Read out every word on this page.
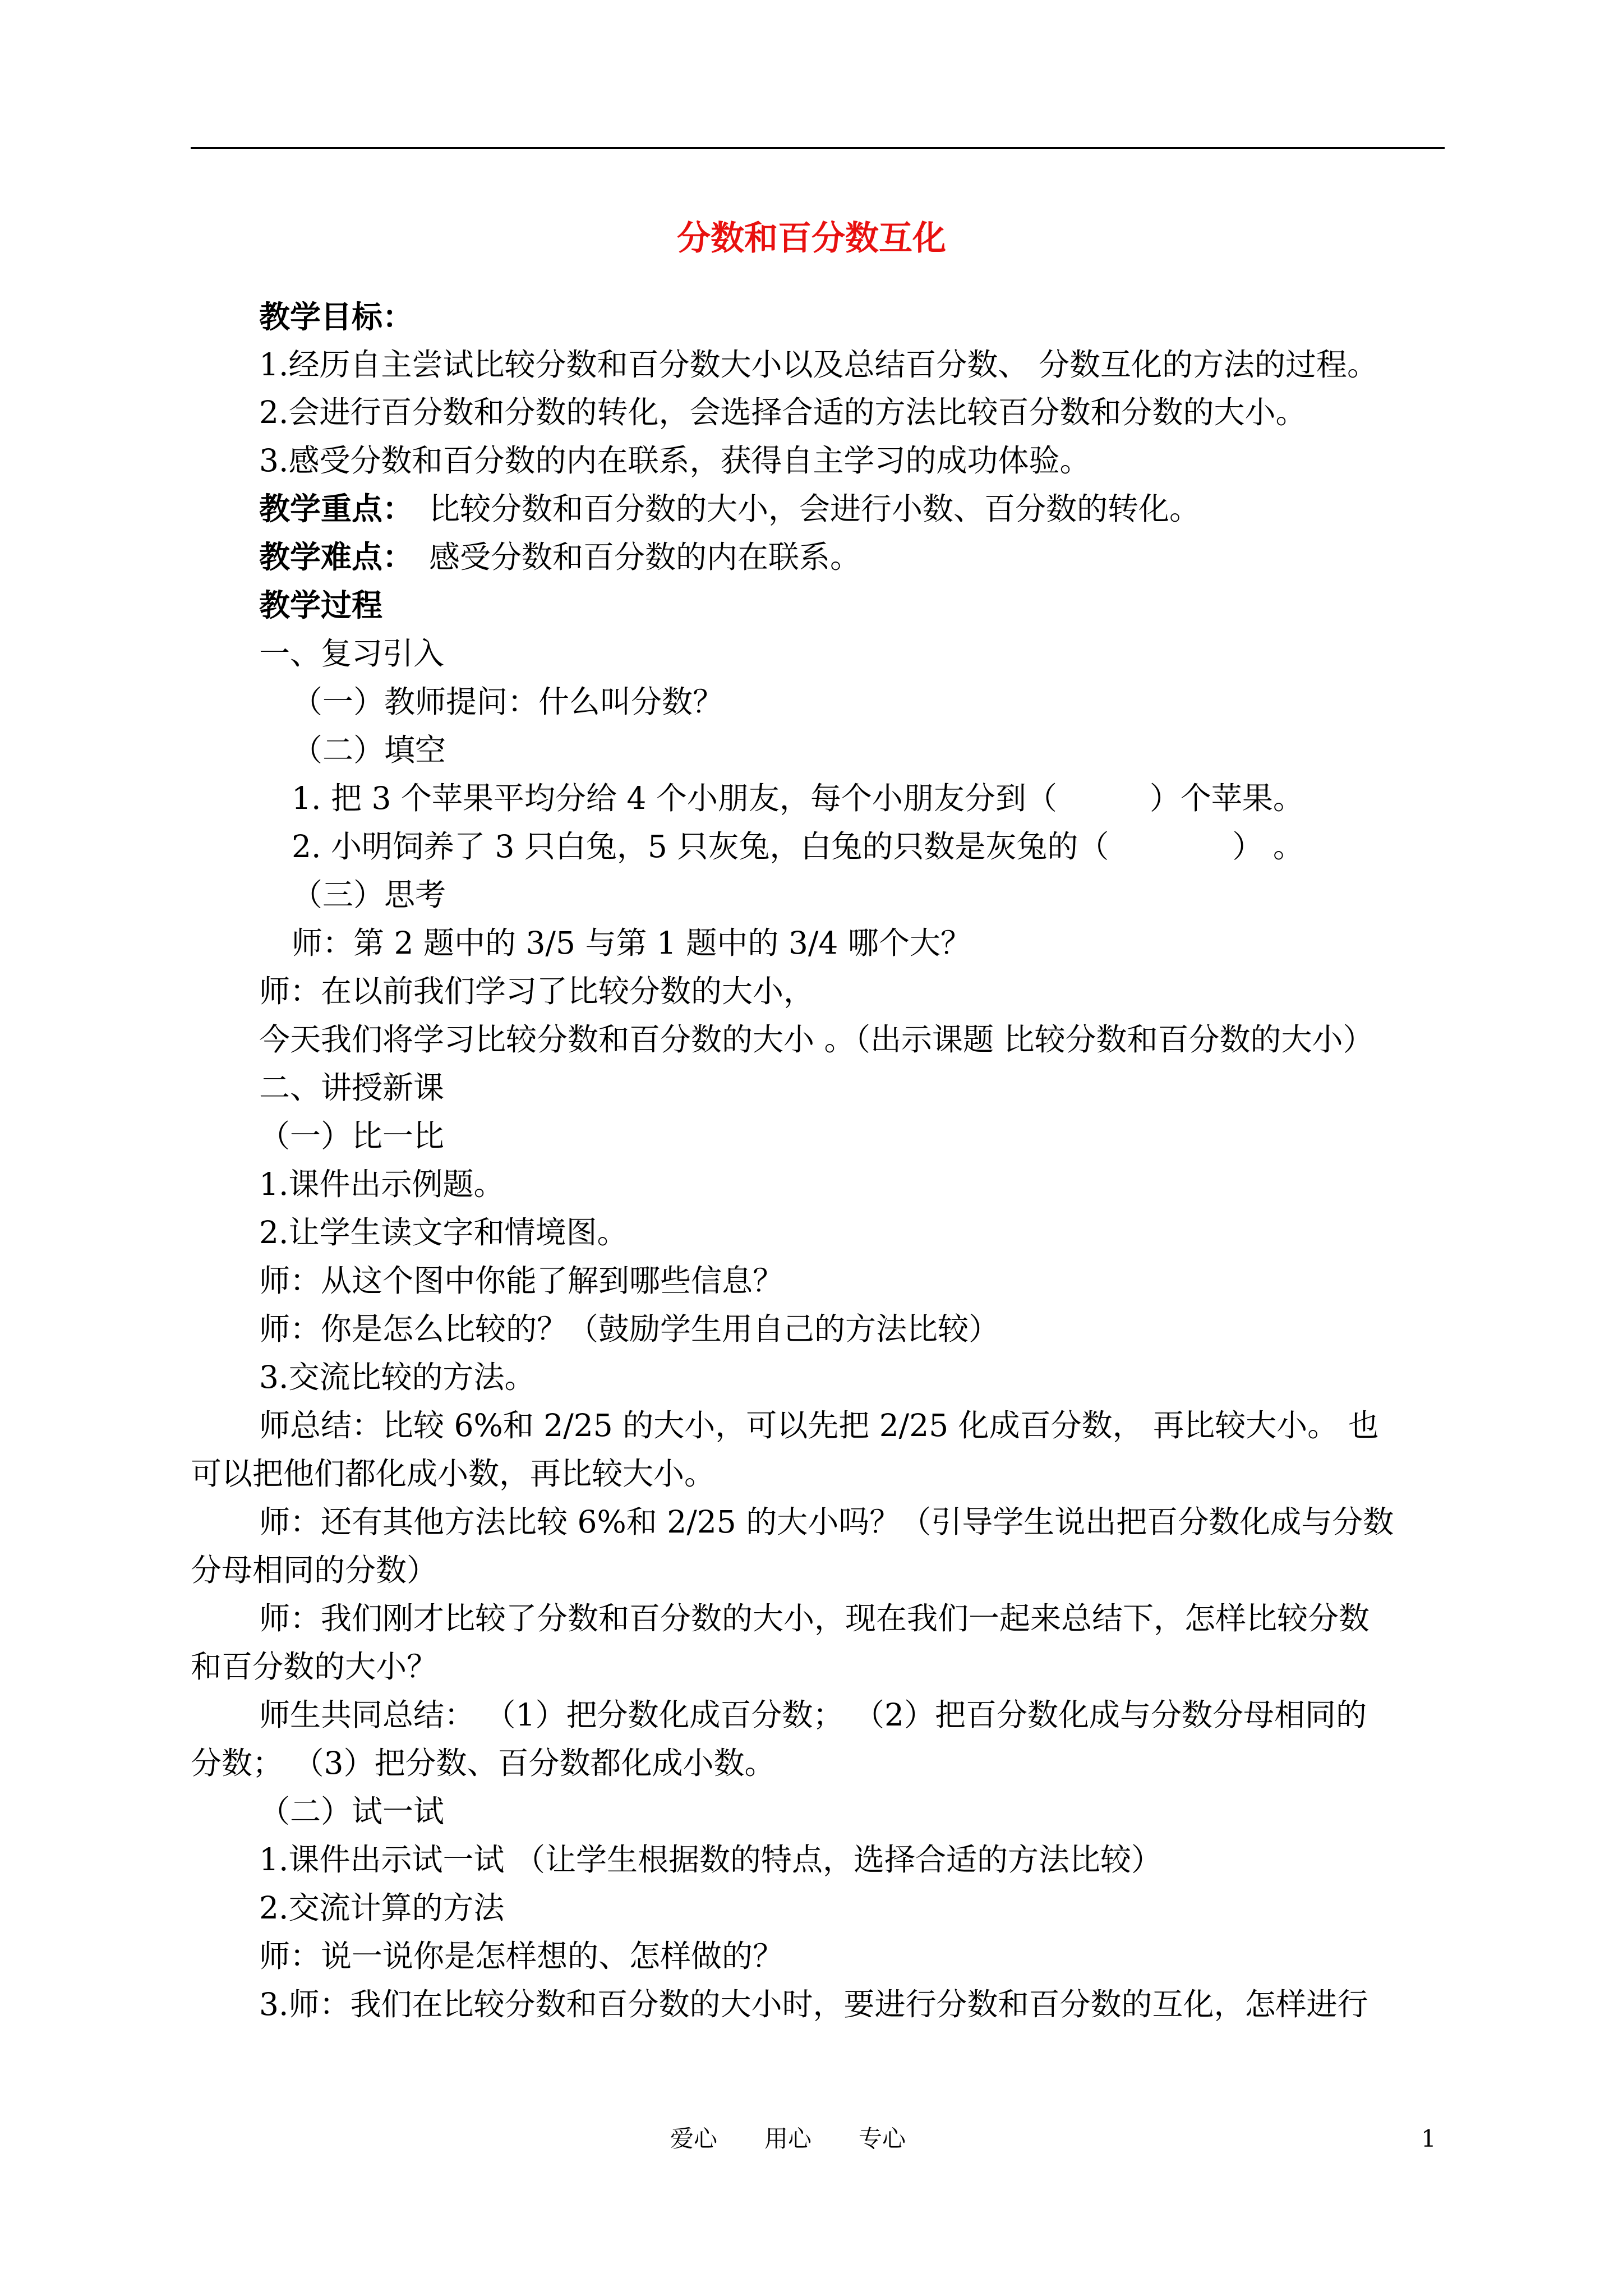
分数和百分数互化
教学目标：
1.经历自主尝试比较分数和百分数大小以及总结百分数、 分数互化的方法的过程。
2.会进行百分数和分数的转化，会选择合适的方法比较百分数和分数的大小。
3.感受分数和百分数的内在联系，获得自主学习的成功体验。
教学重点： 比较分数和百分数的大小，会进行小数、百分数的转化。
教学难点： 感受分数和百分数的内在联系。
教学过程
一、复习引入
（一）教师提问：什么叫分数？
（二）填空
1. 把 3 个苹果平均分给 4 个小朋友，每个小朋友分到（　　　）个苹果。
2. 小明饲养了 3 只白兔，5 只灰兔，白兔的只数是灰兔的（　　　　） 。
（三）思考
师：第 2 题中的 3/5 与第 1 题中的 3/4 哪个大？
师：在以前我们学习了比较分数的大小，
今天我们将学习比较分数和百分数的大小 。（出示课题 比较分数和百分数的大小）
二、讲授新课
（一）比一比
1.课件出示例题。
2.让学生读文字和情境图。
师：从这个图中你能了解到哪些信息？
师：你是怎么比较的？（鼓励学生用自己的方法比较）
3.交流比较的方法。
师总结：比较 6%和 2/25 的大小，可以先把 2/25 化成百分数， 再比较大小。 也
可以把他们都化成小数，再比较大小。
师：还有其他方法比较 6%和 2/25 的大小吗？（引导学生说出把百分数化成与分数
分母相同的分数）
师：我们刚才比较了分数和百分数的大小，现在我们一起来总结下，怎样比较分数
和百分数的大小？
师生共同总结： （1）把分数化成百分数； （2）把百分数化成与分数分母相同的
分数； （3）把分数、百分数都化成小数。
（二）试一试
1.课件出示试一试 （让学生根据数的特点，选择合适的方法比较）
2.交流计算的方法
师：说一说你是怎样想的、怎样做的？
3.师：我们在比较分数和百分数的大小时，要进行分数和百分数的互化，怎样进行
爱心　　用心　　专心	1
